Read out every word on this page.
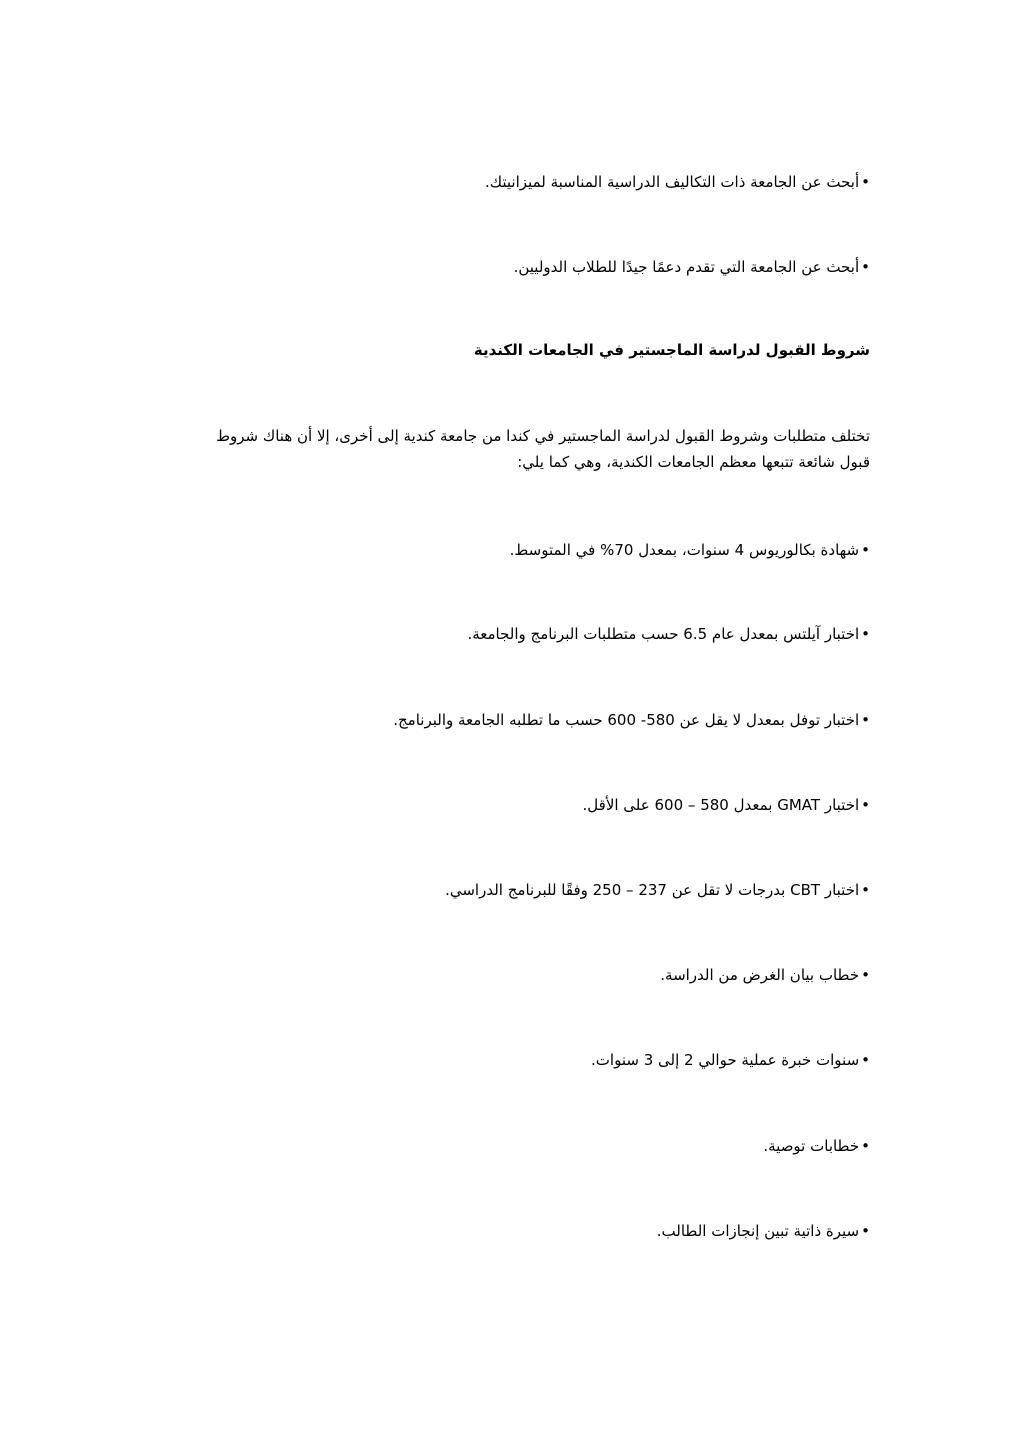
•أبحث عن الجامعة ذات التكاليف الدراسية المناسبة لميزانيتك.
•أبحث عن الجامعة التي تقدم دعمًا جيدًا للطلاب الدوليين.
شروط القبول لدراسة الماجستير في الجامعات الكندية
تختلف متطلبات وشروط القبول لدراسة الماجستير في كندا من جامعة كندية إلى أخرى، إلا أن هناك شروط
قبول شائعة تتبعها معظم الجامعات الكندية، وهي كما يلي:
•شهادة بكالوريوس 4 سنوات، بمعدل 70% في المتوسط.
•اختبار آيلتس بمعدل عام 6.5 حسب متطلبات البرنامج والجامعة.
•اختبار توفل بمعدل لا يقل عن 580- 600 حسب ما تطلبه الجامعة والبرنامج.
•اختبار GMAT بمعدل 580 – 600 على الأقل.
•اختبار CBT بدرجات لا تقل عن 237 – 250 وفقًا للبرنامج الدراسي.
•خطاب بيان الغرض من الدراسة.
•سنوات خبرة عملية حوالي 2 إلى 3 سنوات.
•خطابات توصية.
•سيرة ذاتية تبين إنجازات الطالب.
